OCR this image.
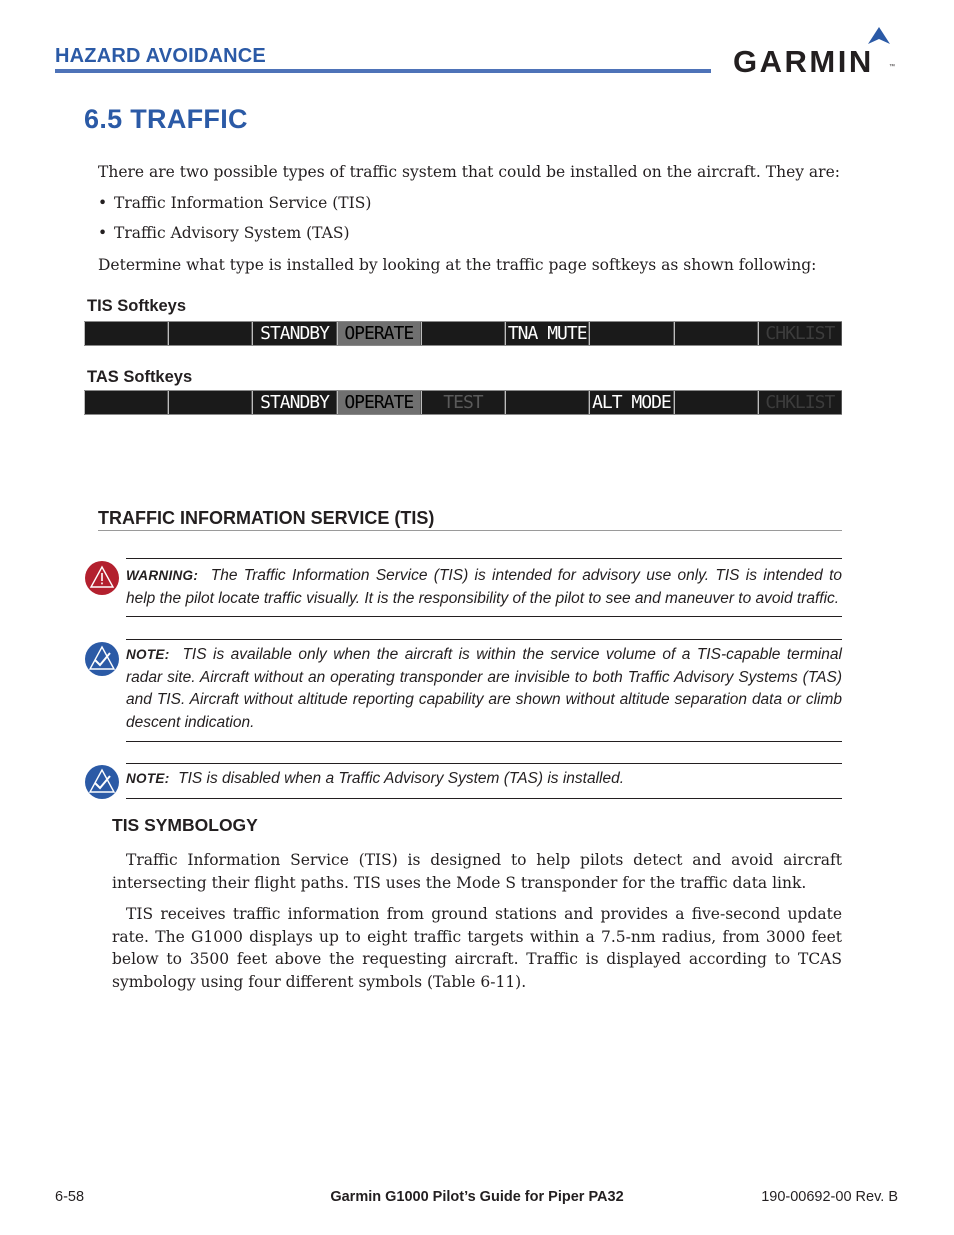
HAZARD AVOIDANCE	GARMIN	™
6.5 TRAFFIC
There are two possible types of traffic system that could be installed on the aircraft. They are:
• Traffic Information Service (TIS)
• Traffic Advisory System (TAS)
Determine what type is installed by looking at the traffic page softkeys as shown following:
TIS Softkeys
STANDBY OPERATE	TNA MUTE	CHKLIST
TAS Softkeys
STANDBY OPERATE	TEST	ALT MODE	CHKLIST
TRAFFIC INFORMATION SERVICE (TIS)
WARNING: The Traffic Information Service (TIS) is intended for advisory use only. TIS is intended to help the pilot locate traffic visually. It is the responsibility of the pilot to see and maneuver to avoid traffic.
NOTE: TIS is available only when the aircraft is within the service volume of a TIS-capable terminal radar site. Aircraft without an operating transponder are invisible to both Traffic Advisory Systems (TAS) and TIS. Aircraft without altitude reporting capability are shown without altitude separation data or climb descent indication.
NOTE: TIS is disabled when a Traffic Advisory System (TAS) is installed.
TIS SYMBOLOGY
Traffic Information Service (TIS) is designed to help pilots detect and avoid aircraft intersecting their flight paths. TIS uses the Mode S transponder for the traffic data link.
TIS receives traffic information from ground stations and provides a five-second update rate. The G1000 displays up to eight traffic targets within a 7.5-nm radius, from 3000 feet below to 3500 feet above the requesting aircraft. Traffic is displayed according to TCAS symbology using four different symbols (Table 6-11).
6-58	Garmin G1000 Pilot’s Guide for Piper PA32	190-00692-00 Rev. B
